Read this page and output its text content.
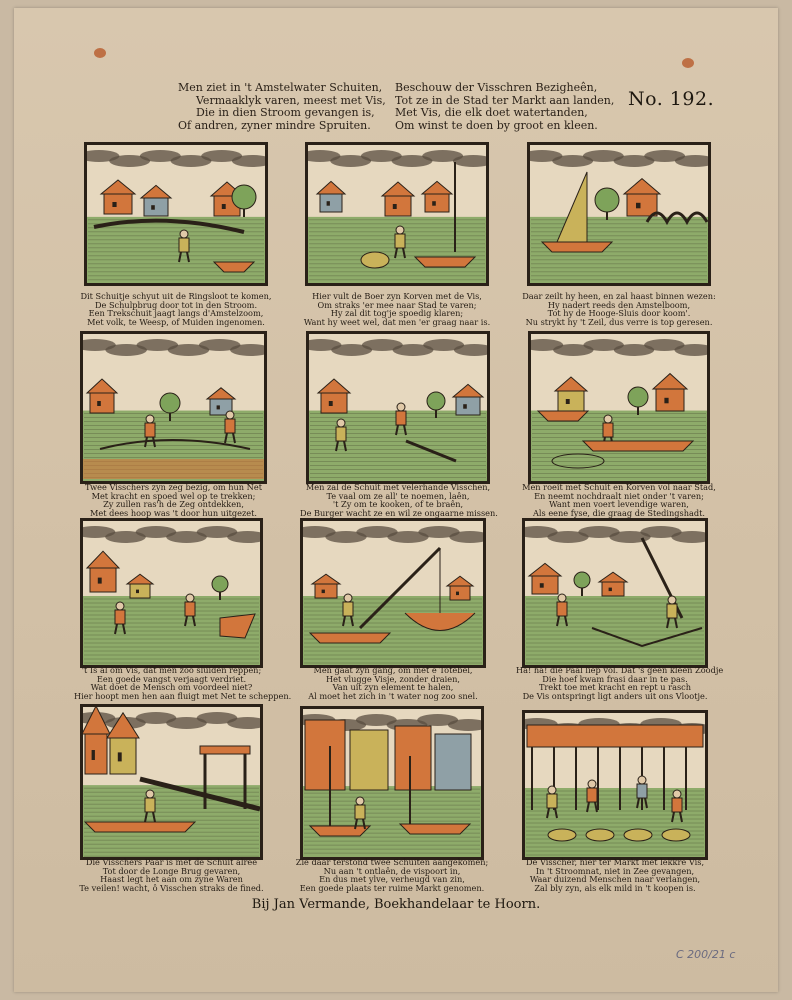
Men ziet in 't Amstelwater Schuiten,
Vermaaklyk varen, meest met Vis,
Die in dien Stroom gevangen is,
Of andren, zyner mindre Spruiten.
Beschouw der Visschren Bezigheên,
Tot ze in de Stad ter Markt aan landen,
Met Vis, die elk doet watertanden,
Om winst te doen by groot en kleen.
No. 192.
Dit Schuitje schyut uit de Ringsloot te komen,
De Schulpbrug door tot in den Stroom.
Een Trekschuit jaagt langs d'Amstelzoom,
Met volk, te Weesp, of Muiden ingenomen.
Hier vult de Boer zyn Korven met de Vis,
Om straks 'er mee naar Stad te varen;
Hy zal dit tog'je spoedig klaren;
Want hy weet wel, dat men 'er graag naar is.
Daar zeilt hy heen, en zal haast binnen wezen:
Hy nadert reeds den Amstelboom,
Tot hy de Hooge-Sluis door koom'.
Nu strykt hy 't Zeil, dus verre is top geresen.
Twee Visschers zyn zeg bezig, om hun Net
Met kracht en spoed wel op te trekken;
Zy zullen ras'h de Zeg ontdekken,
Met dees hoop was 't door hun uitgezet.
Men zal de Schuit met velerhande Visschen,
Te vaal om ze all' te noemen, laên,
't Zy om te kooken, of te braên,
De Burger wacht ze en wil ze ongaarne missen.
Men roeit met Schuit en Korven vol naar Stad,
En neemt nochdraalt niet onder 't varen;
Want men voert levendige waren,
Als eene fyse, die graag de Stedingshadt.
't Is al om Vis, dat men zoo sluiden reppen;
Een goede vangst verjaagt verdriet.
Wat doet de Mensch om voordeel niet?
Hier hoopt men hen aan fluigt met Net te scheppen.
Men gaat zyn gang, om met e Totebel,
Het vlugge Visje, zonder draien,
Van uit zyn element te halen,
Al moet het zich in 't water nog zoo snel.
Ha! ha! die Paal liep vol. Dat 's geen kleen Zoodje
Die hoef kwam frasi daar in te pas.
Trekt toe met kracht en rept u rasch
De Vis ontspringt ligt anders uit ons Vlootje.
Die Visschers Paar is met de Schuit alree
Tot door de Longe Brug gevaren,
Haast legt het aan om zyne Waren
Te veilen! wacht, ô Visschen straks de fined.
Zie daar terstond twee Schuiten aangekomen;
Nu aan 't ontlaên, de vispoort in,
En dus met ylve, verheugd van zin,
Een goede plaats ter ruime Markt genomen.
De Visscher, hier ter Markt met lekkre Vis,
In 't Stroomnat, niet in Zee gevangen,
Waar duizend Menschen naar verlangen,
Zal bly zyn, als elk mild in 't koopen is.
Bij Jan Vermande, Boekhandelaar te Hoorn.
C 200/21 c
